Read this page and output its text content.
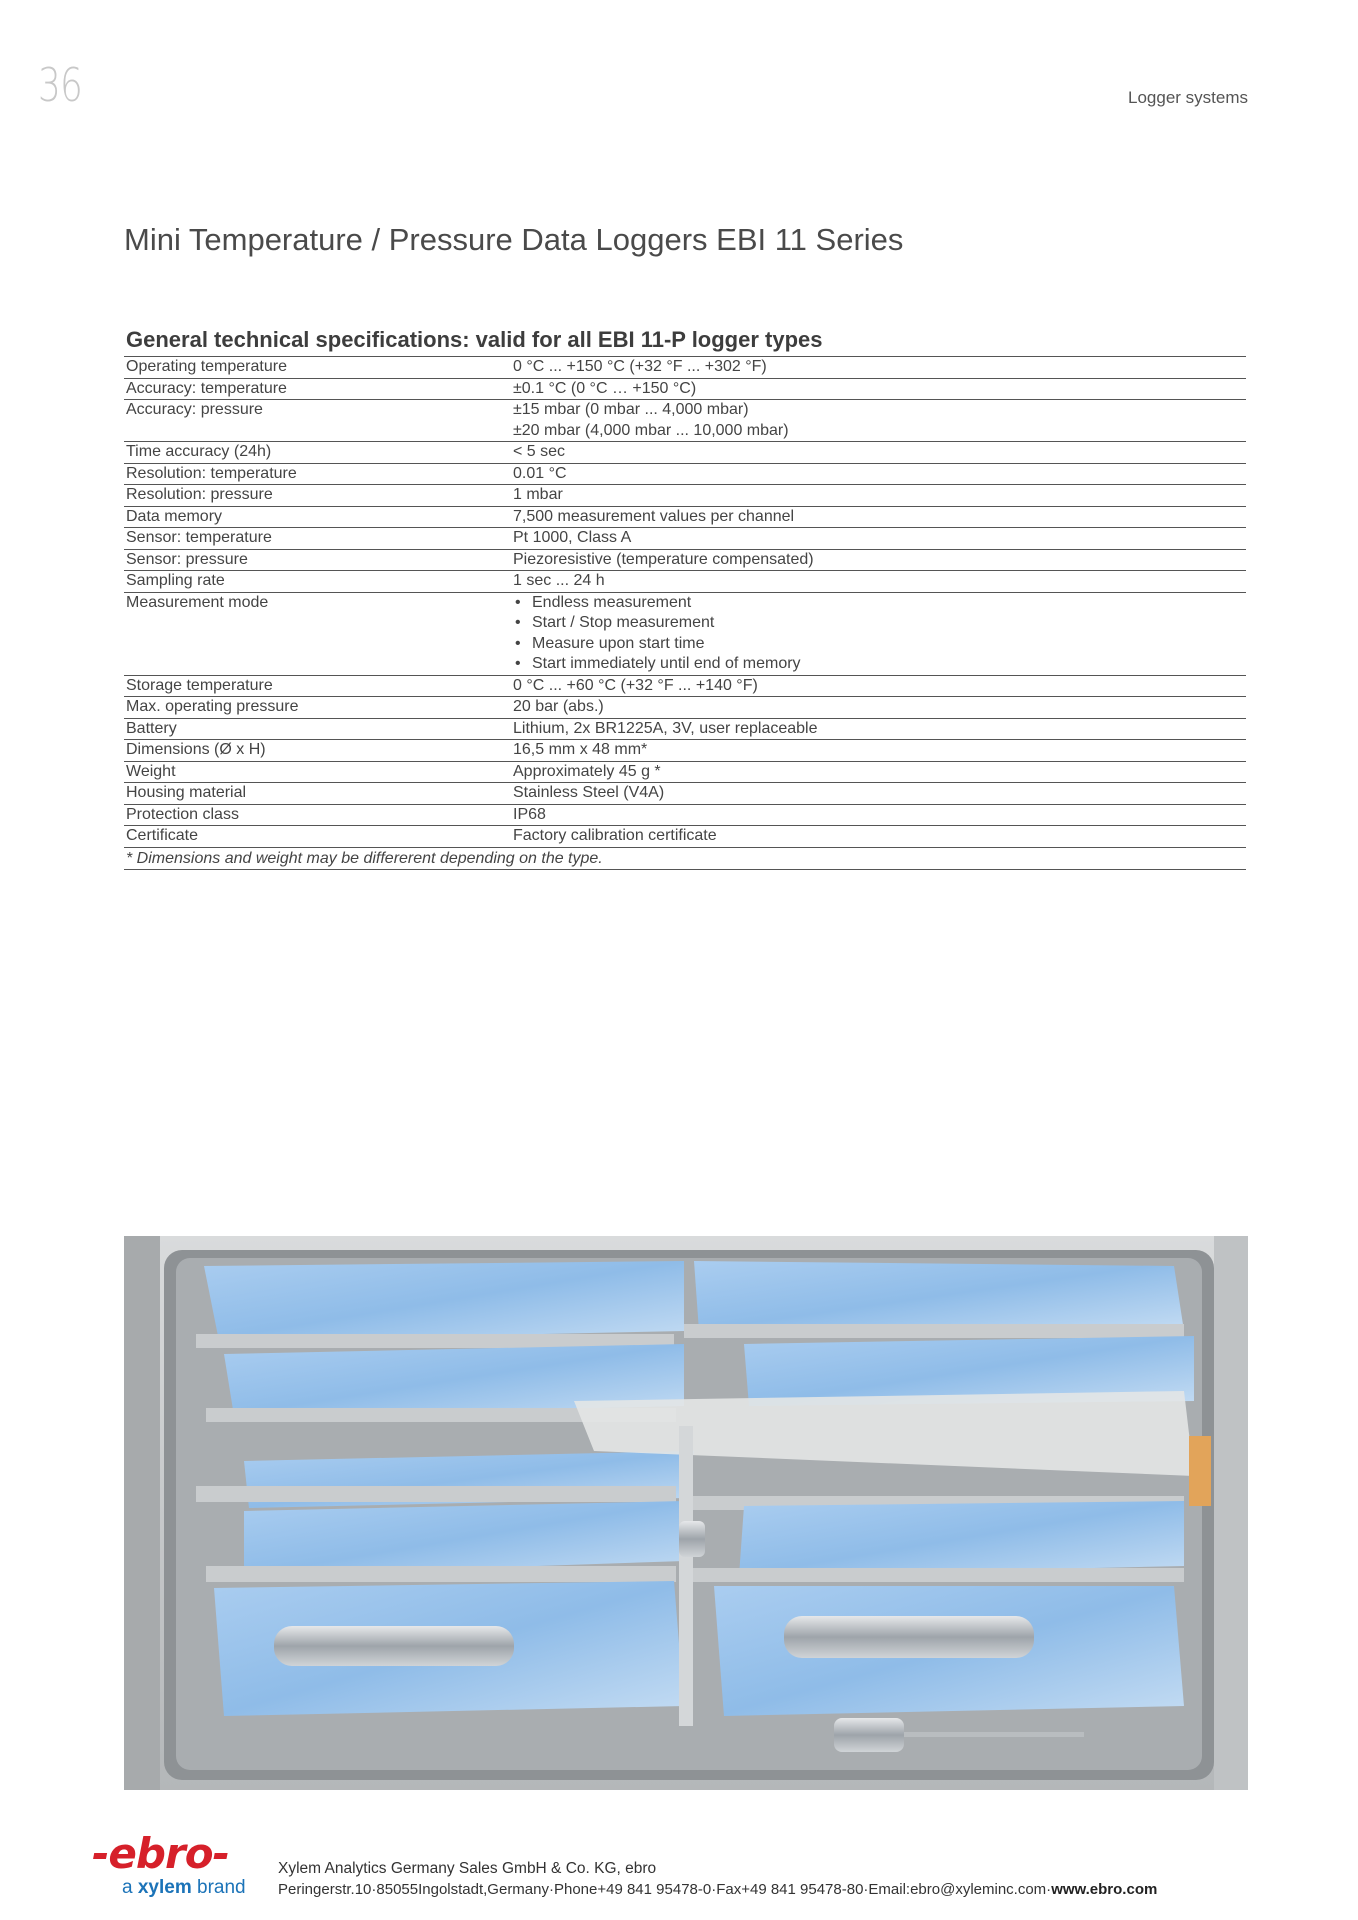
36	Logger systems
Mini Temperature / Pressure Data Loggers EBI 11 Series
General technical specifications: valid for all EBI 11-P logger types
Operating temperature	0 °C ... +150 °C (+32 °F ... +302 °F)
Accuracy: temperature	±0.1 °C (0 °C … +150 °C)
Accuracy: pressure	±15 mbar (0 mbar ... 4,000 mbar)
±20 mbar (4,000 mbar ... 10,000 mbar)
Time accuracy (24h)	< 5 sec
Resolution: temperature	0.01 °C
Resolution: pressure	1 mbar
Data memory	7,500 measurement values per channel
Sensor: temperature	Pt 1000, Class A
Sensor: pressure	Piezoresistive (temperature compensated)
Sampling rate	1 sec ... 24 h
Measurement mode
•	Endless measurement
• Start / Stop measurement
• Measure upon start time
• Start immediately until end of memory
Storage temperature	0 °C ... +60 °C (+32 °F ... +140 °F)
Max. operating pressure	20 bar (abs.)
Battery	Lithium, 2x BR1225A, 3V, user replaceable
Dimensions (Ø x H)	16,5 mm x 48 mm*
Weight	Approximately 45 g *
Housing material	Stainless Steel (V4A)
Protection class	IP68
Certificate	Factory calibration certificate
* Dimensions and weight may be differerent depending on the type.
-ebro-
a xylem brand
Xylem Analytics Germany Sales GmbH & Co. KG, ebro
Peringerstr.10·85055Ingolstadt,Germany·Phone+49 841 95478-0·Fax+49 841 95478-80·Email:ebro@xyleminc.com·www.ebro.com
